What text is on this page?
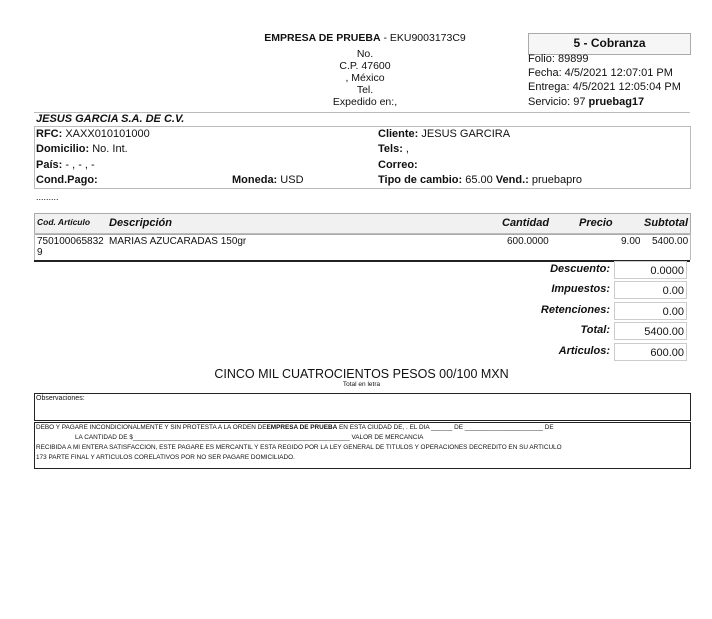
EMPRESA DE PRUEBA - EKU9003173C9
No.
C.P. 47600
, México
Tel.
Expedido en:,
5 - Cobranza
Folio: 89899
Fecha: 4/5/2021 12:07:01 PM
Entrega: 4/5/2021 12:05:04 PM
Servicio: 97 pruebag17
JESUS GARCIA S.A. DE C.V.
RFC: XAXX010101000
Domicilio: No. Int.
País: - , - , -
Cond.Pago:	Moneda: USD
Cliente: JESUS GARCIRA
Tels: ,
Correo:
Tipo de cambio: 65.00 Vend.: pruebapro
.........
Cod. Artículo Descripción	Cantidad	Precio	Subtotal
750100065832
9
MARIAS AZUCARADAS 150gr	600.0000	9.00 5400.00
Descuento:	0.0000
Impuestos:	0.00
Retenciones:	0.00
Total:	5400.00
Articulos:	600.00
CINCO MIL CUATROCIENTOS PESOS 00/100 MXN
Total en letra
Observaciones:
DEBO Y PAGARE INCONDICIONALMENTE Y SIN PROTESTA A LA ORDEN DEEMPRESA DE PRUEBA EN ESTA CIUDAD DE, . EL DIA ______ DE ______________________ DE
LA CANTIDAD DE $_____________________________________________________________ VALOR DE MERCANCIA
RECIBIDA A MI ENTERA SATISFACCION, ESTE PAGARE ES MERCANTIL Y ESTA REGIDO POR LA LEY GENERAL DE TITULOS Y OPERACIONES DECREDITO EN SU ARTICULO
173 PARTE FINAL Y ARTICULOS CORELATIVOS POR NO SER PAGARE DOMICILIADO.
